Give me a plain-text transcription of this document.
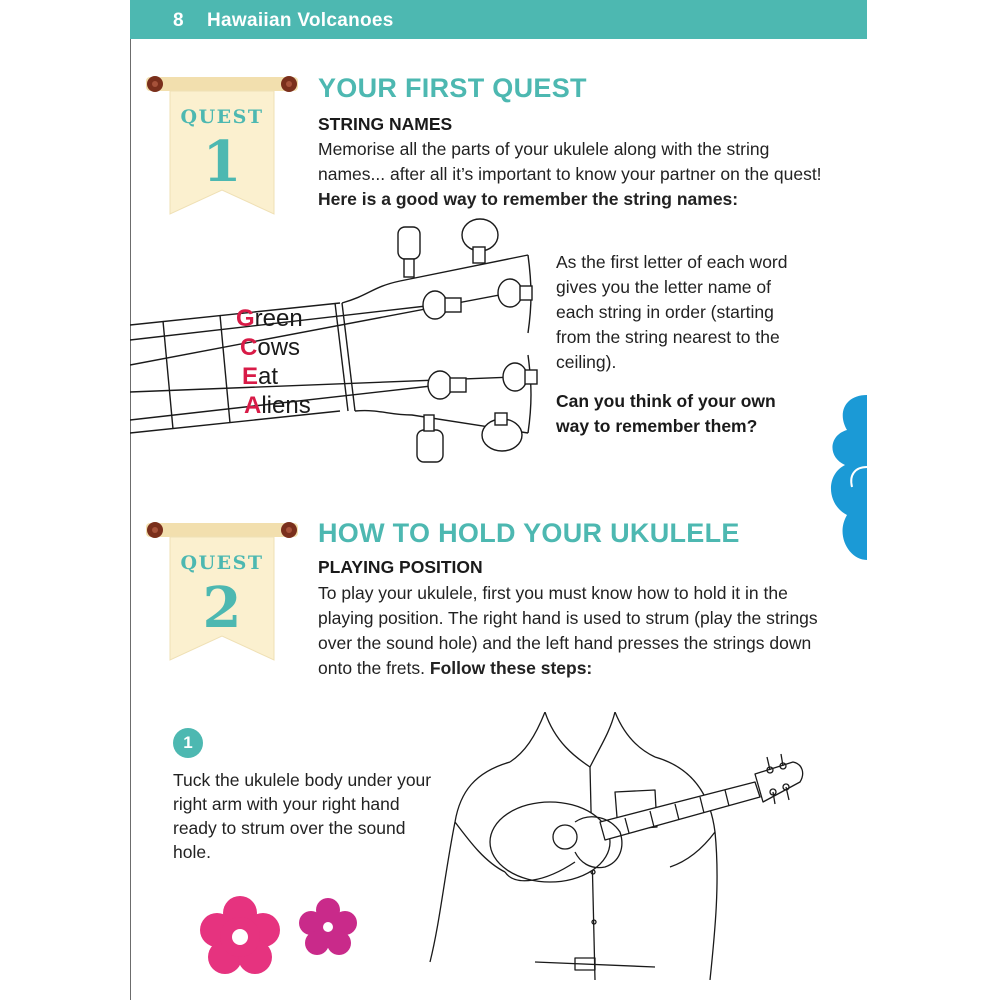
8 Hawaiian Volcanoes
QUEST
1
YOUR FIRST QUEST
STRING NAMES
Memorise all the parts of your ukulele along with the string names... after all it’s important to know your partner on the quest! Here is a good way to remember the string names:
Green
Cows
Eat
Aliens
As the first letter of each word gives you the letter name of each string in order (starting from the string nearest to the ceiling).
Can you think of your own way to remember them?
QUEST
2
HOW TO HOLD YOUR UKULELE
PLAYING POSITION
To play your ukulele, first you must know how to hold it in the playing position. The right hand is used to strum (play the strings over the sound hole) and the left hand presses the strings down onto the frets. Follow these steps:
1
Tuck the ukulele body under your right arm with your right hand ready to strum over the sound hole.
